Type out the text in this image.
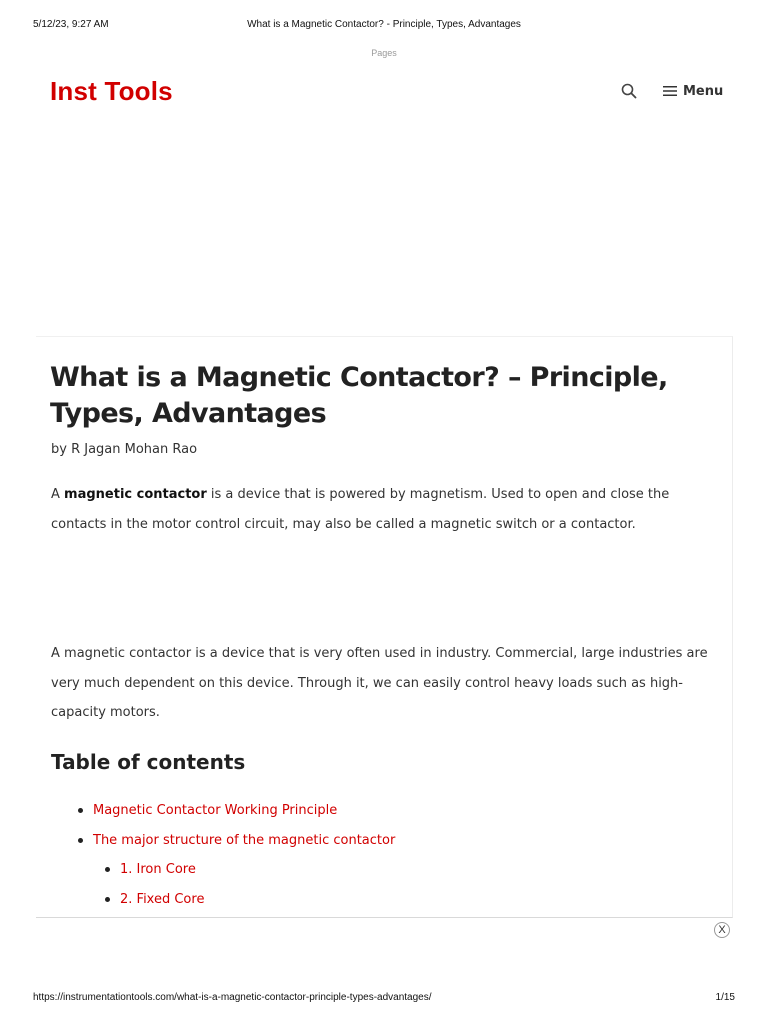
5/12/23, 9:27 AM	What is a Magnetic Contactor? - Principle, Types, Advantages
Pages
Inst Tools	Menu
What is a Magnetic Contactor? – Principle, Types, Advantages
by R Jagan Mohan Rao

A magnetic contactor is a device that is powered by magnetism. Used to open and close the contacts in the motor control circuit, may also be called a magnetic switch or a contactor.

A magnetic contactor is a device that is very often used in industry. Commercial, large industries are very much dependent on this device. Through it, we can easily control heavy loads such as high-capacity motors.

Table of contents
Magnetic Contactor Working Principle
The major structure of the magnetic contactor
1. Iron Core
2. Fixed Core
X
https://instrumentationtools.com/what-is-a-magnetic-contactor-principle-types-advantages/	1/15
